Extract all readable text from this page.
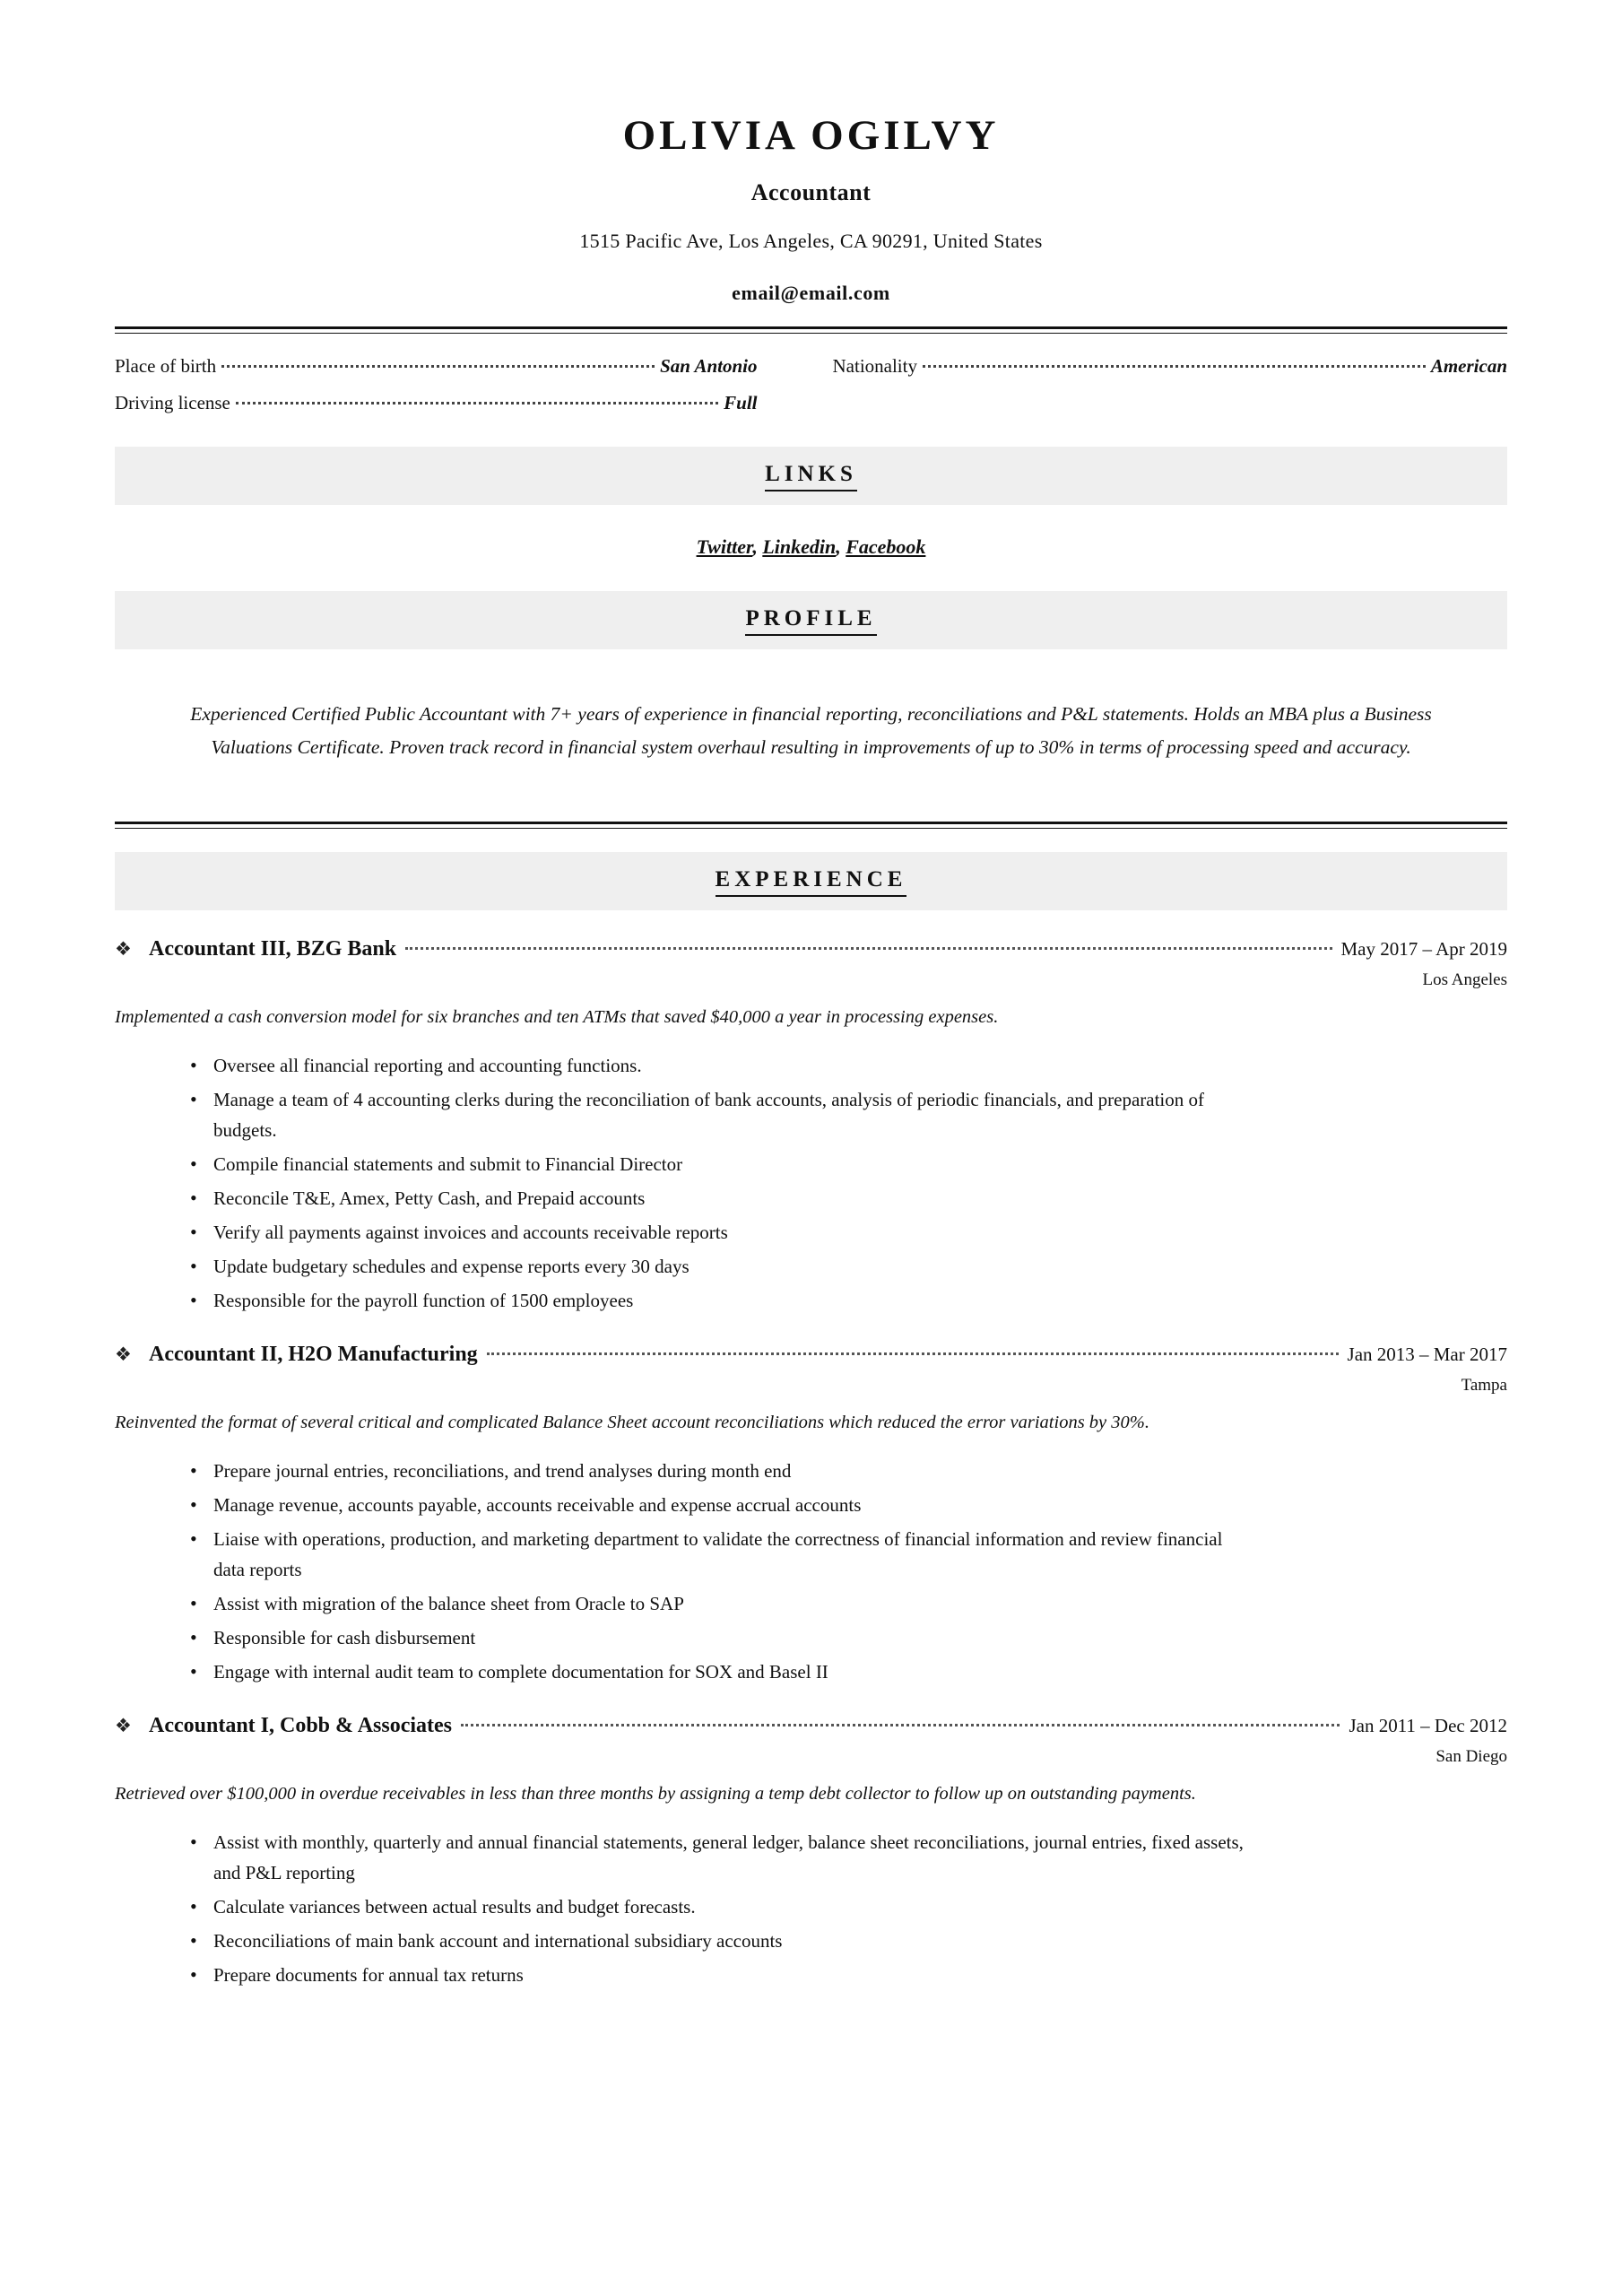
OLIVIA OGILVY
Accountant
1515 Pacific Ave, Los Angeles, CA 90291, United States
email@email.com
Place of birth	San Antonio
Driving license	Full
Nationality	American
LINKS
Twitter, Linkedin, Facebook
PROFILE
Experienced Certified Public Accountant with 7+ years of experience in financial reporting, reconciliations and P&L statements. Holds an MBA plus a Business Valuations Certificate. Proven track record in financial system overhaul resulting in improvements of up to 30% in terms of processing speed and accuracy.
EXPERIENCE
❖ Accountant III, BZG Bank	May 2017 – Apr 2019
Los Angeles
Implemented a cash conversion model for six branches and ten ATMs that saved $40,000 a year in processing expenses.
• Oversee all financial reporting and accounting functions.
• Manage a team of 4 accounting clerks during the reconciliation of bank accounts, analysis of periodic financials, and preparation of budgets.
• Compile financial statements and submit to Financial Director
• Reconcile T&E, Amex, Petty Cash, and Prepaid accounts
• Verify all payments against invoices and accounts receivable reports
• Update budgetary schedules and expense reports every 30 days
• Responsible for the payroll function of 1500 employees
❖ Accountant II, H2O Manufacturing	Jan 2013 – Mar 2017
Tampa
Reinvented the format of several critical and complicated Balance Sheet account reconciliations which reduced the error variations by 30%.
• Prepare journal entries, reconciliations, and trend analyses during month end
• Manage revenue, accounts payable, accounts receivable and expense accrual accounts
• Liaise with operations, production, and marketing department to validate the correctness of financial information and review financial data reports
• Assist with migration of the balance sheet from Oracle to SAP
• Responsible for cash disbursement
• Engage with internal audit team to complete documentation for SOX and Basel II
❖ Accountant I, Cobb & Associates	Jan 2011 – Dec 2012
San Diego
Retrieved over $100,000 in overdue receivables in less than three months by assigning a temp debt collector to follow up on outstanding payments.
• Assist with monthly, quarterly and annual financial statements, general ledger, balance sheet reconciliations, journal entries, fixed assets, and P&L reporting
• Calculate variances between actual results and budget forecasts.
• Reconciliations of main bank account and international subsidiary accounts
• Prepare documents for annual tax returns
